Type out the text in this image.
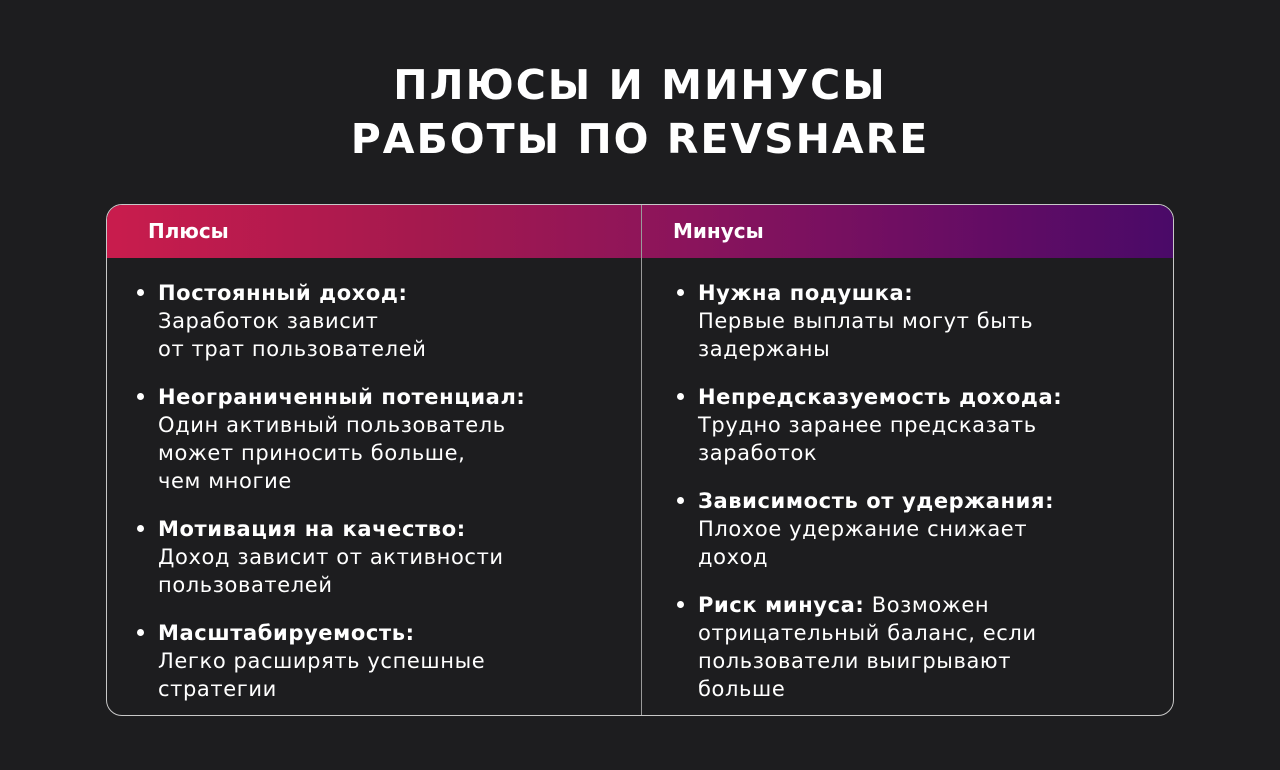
ПЛЮСЫ И МИНУСЫ
РАБОТЫ ПО REVSHARE
Плюсы	Минусы
Постоянный доход:
Заработок зависит
от трат пользователей
Неограниченный потенциал:
Один активный пользователь
может приносить больше,
чем многие
Мотивация на качество:
Доход зависит от активности
пользователей
Масштабируемость:
Легко расширять успешные
стратегии
Нужна подушка:
Первые выплаты могут быть
задержаны
Непредсказуемость дохода:
Трудно заранее предсказать
заработок
Зависимость от удержания:
Плохое удержание снижает
доход
Риск минуса: Возможен
отрицательный баланс, если
пользователи выигрывают
больше
